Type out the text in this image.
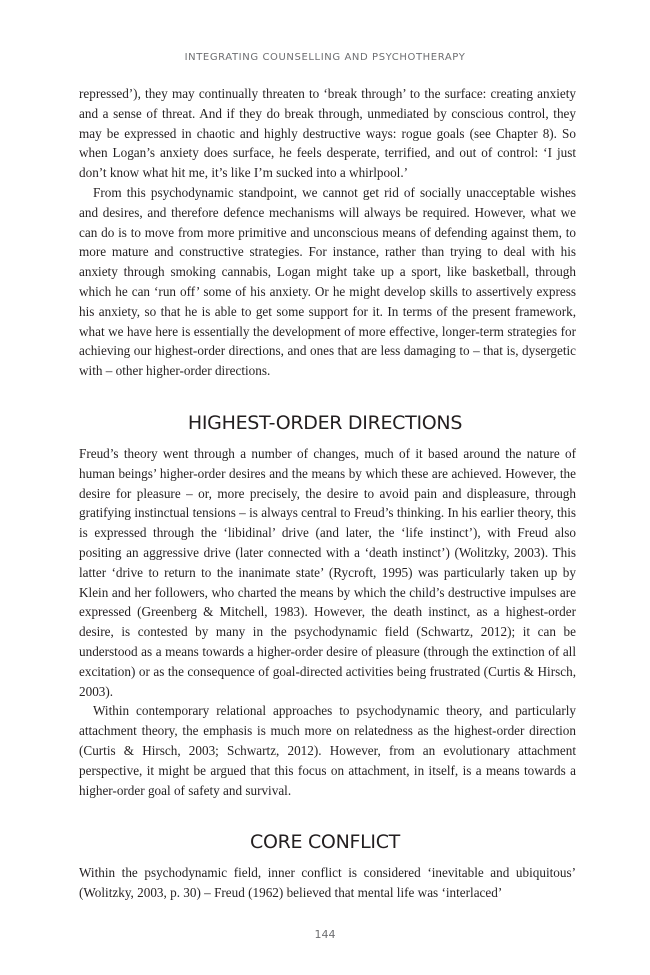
INTEGRATING COUNSELLING AND PSYCHOTHERAPY

repressed’), they may continually threaten to ‘break through’ to the surface: creating anxiety and a sense of threat. And if they do break through, unmediated by conscious control, they may be expressed in chaotic and highly destructive ways: rogue goals (see Chapter 8). So when Logan’s anxiety does surface, he feels desperate, terrified, and out of control: ‘I just don’t know what hit me, it’s like I’m sucked into a whirlpool.’

From this psychodynamic standpoint, we cannot get rid of socially unacceptable wishes and desires, and therefore defence mechanisms will always be required. However, what we can do is to move from more primitive and unconscious means of defending against them, to more mature and constructive strategies. For instance, rather than trying to deal with his anxiety through smoking cannabis, Logan might take up a sport, like basketball, through which he can ‘run off’ some of his anxiety. Or he might develop skills to assertively express his anxiety, so that he is able to get some support for it. In terms of the present framework, what we have here is essentially the development of more effective, longer-term strategies for achieving our highest-order directions, and ones that are less damaging to – that is, dysergetic with – other higher-order directions.

HIGHEST-ORDER DIRECTIONS

Freud’s theory went through a number of changes, much of it based around the nature of human beings’ higher-order desires and the means by which these are achieved. However, the desire for pleasure – or, more precisely, the desire to avoid pain and displeasure, through gratifying instinctual tensions – is always central to Freud’s thinking. In his earlier theory, this is expressed through the ‘libidinal’ drive (and later, the ‘life instinct’), with Freud also positing an aggressive drive (later connected with a ‘death instinct’) (Wolitzky, 2003). This latter ‘drive to return to the inanimate state’ (Rycroft, 1995) was particularly taken up by Klein and her followers, who charted the means by which the child’s destructive impulses are expressed (Greenberg & Mitchell, 1983). However, the death instinct, as a highest-order desire, is contested by many in the psychodynamic field (Schwartz, 2012); it can be understood as a means towards a higher-order desire of pleasure (through the extinction of all excitation) or as the consequence of goal-directed activities being frustrated (Curtis & Hirsch, 2003).

Within contemporary relational approaches to psychodynamic theory, and particularly attachment theory, the emphasis is much more on relatedness as the highest-order direction (Curtis & Hirsch, 2003; Schwartz, 2012). However, from an evolutionary attachment perspective, it might be argued that this focus on attachment, in itself, is a means towards a higher-order goal of safety and survival.

CORE CONFLICT

Within the psychodynamic field, inner conflict is considered ‘inevitable and ubiquitous’ (Wolitzky, 2003, p. 30) – Freud (1962) believed that mental life was ‘interlaced’

144
